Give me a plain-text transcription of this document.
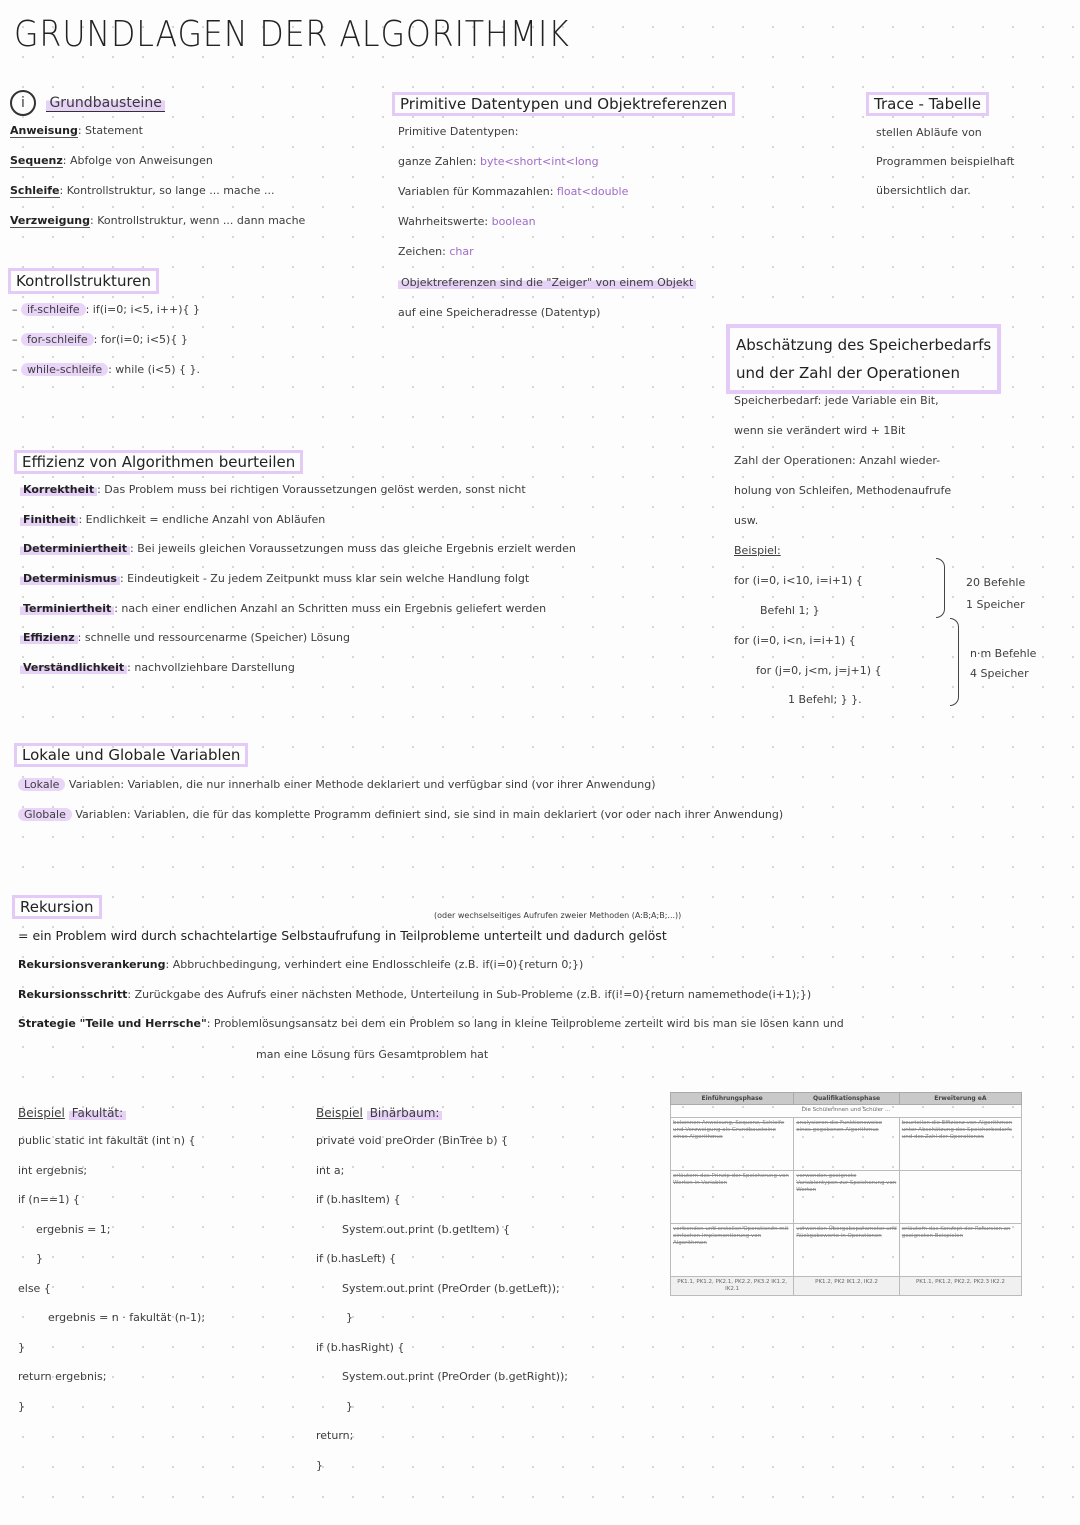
GRUNDLAGEN DER ALGORITHMIK
i Grundbausteine
Anweisung: Statement
Sequenz: Abfolge von Anweisungen
Schleife: Kontrollstruktur, so lange ... mache ...
Verzweigung: Kontrollstruktur, wenn ... dann mache
Kontrollstrukturen
– if-schleife : if(i=0; i<5, i++){ }
– for-schleife : for(i=0; i<5){ }
– while-schleife : while (i<5) { }.
Primitive Datentypen und Objektreferenzen
Primitive Datentypen:
ganze Zahlen: byte<short<int<long
Variablen für Kommazahlen: float<double
Wahrheitswerte: boolean
Zeichen: char
Objektreferenzen sind die "Zeiger" von einem Objekt
auf eine Speicheradresse (Datentyp)
Trace - Tabelle
stellen Abläufe von
Programmen beispielhaft
übersichtlich dar.
Abschätzung des Speicherbedarfs
und der Zahl der Operationen
Speicherbedarf: jede Variable ein Bit,
wenn sie verändert wird + 1Bit
Zahl der Operationen: Anzahl wieder-
holung von Schleifen, Methodenaufrufe
usw.
Beispiel:
for (i=0, i<10, i=i+1) {
Befehl 1; }
20 Befehle
1 Speicher
for (i=0, i<n, i=i+1) {
for (j=0, j<m, j=j+1) {
1 Befehl; } }.
n·m Befehle
4 Speicher
Effizienz von Algorithmen beurteilen
Korrektheit : Das Problem muss bei richtigen Voraussetzungen gelöst werden, sonst nicht
Finitheit : Endlichkeit = endliche Anzahl von Abläufen
Determiniertheit : Bei jeweils gleichen Voraussetzungen muss das gleiche Ergebnis erzielt werden
Determinismus : Eindeutigkeit - Zu jedem Zeitpunkt muss klar sein welche Handlung folgt
Terminiertheit : nach einer endlichen Anzahl an Schritten muss ein Ergebnis geliefert werden
Effizienz : schnelle und ressourcenarme (Speicher) Lösung
Verständlichkeit : nachvollziehbare Darstellung
Lokale und Globale Variablen
Lokale Variablen: Variablen, die nur innerhalb einer Methode deklariert und verfügbar sind (vor ihrer Anwendung)
Globale Variablen: Variablen, die für das komplette Programm definiert sind, sie sind in main deklariert (vor oder nach ihrer Anwendung)
Rekursion	(oder wechselseitiges Aufrufen zweier Methoden (A:B;A;B;...))
= ein Problem wird durch schachtelartige Selbstaufrufung in Teilprobleme unterteilt und dadurch gelöst
Rekursionsverankerung: Abbruchbedingung, verhindert eine Endlosschleife (z.B. if(i=0){return 0;})
Rekursionsschritt: Zurückgabe des Aufrufs einer nächsten Methode, Unterteilung in Sub-Probleme (z.B. if(i!=0){return namemethode(i+1);})
Strategie "Teile und Herrsche": Problemlösungsansatz bei dem ein Problem so lang in kleine Teilprobleme zerteilt wird bis man sie lösen kann und
man eine Lösung fürs Gesamtproblem hat
Beispiel Fakultät:
public static int fakultät (int n) {
int ergebnis;
if (n==1) {
ergebnis = 1;
}
else {
ergebnis = n · fakultät (n-1);
}
return ergebnis;
}
Beispiel Binärbaum:
private void preOrder (BinTree b) {
int a;
if (b.hasItem) {
System.out.print (b.getItem) {
if (b.hasLeft) {
System.out.print (PreOrder (b.getLeft));
}
if (b.hasRight) {
System.out.print (PreOrder (b.getRight));
}
return;
}
Einführungsphase	Qualifikationsphase	Erweiterung eA
Die Schülerinnen und Schüler ...		
bekennen Anweisung, Sequenz, Schleife und Verzweigung als Grundbausteine eines Algorithmus	analysieren die Funktionsweise eines gegebenen Algorithmus	beurteilen die Effizienz von Algorithmen unter Abschätzung des Speicherbedarfs und der Zahl der Operationen
erläutern das Prinzip der Speicherung von Werten in Variablen	verwenden geeignete Variablentypen zur Speicherung von Werten	
verwenden und erstellen Operationen mit einfachen Implementierung von Algorithmen	verwenden Übergabeparameter und Rückgabewerte in Operationen	erläutern das Konzept der Rekursion an geeigneten Beispielen
PK1.1, PK1.2, PK2.1, PK2.2, PK3.2 IK1.2, IK2.1	PK1.2, PK2 IK1.2, IK2.2	PK1.1, PK1.2, PK2.2, PK2.3 IK2.2
